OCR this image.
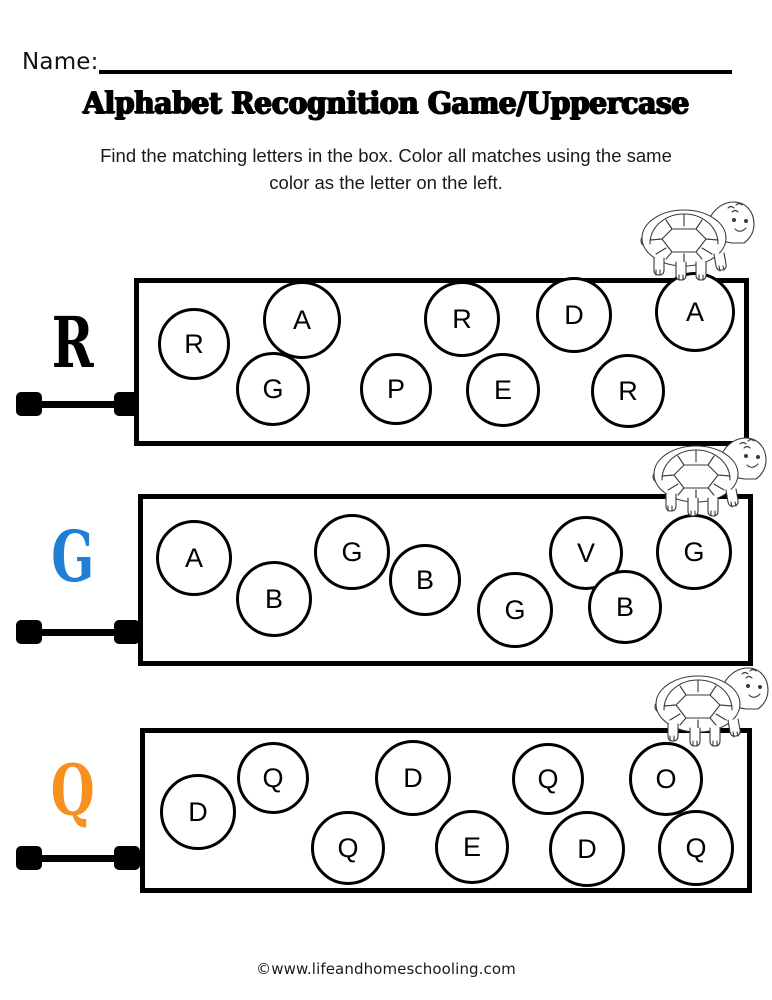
Name:
Alphabet Recognition Game/Uppercase
Find the matching letters in the box. Color all matches using the same color as the letter on the left.
R	R
A
G	P
R
E
D
R
A
G	A
B
G
B
G
V
B
G
Q	D
Q
Q
D
E
Q
D
O
Q
©www.lifeandhomeschooling.com
